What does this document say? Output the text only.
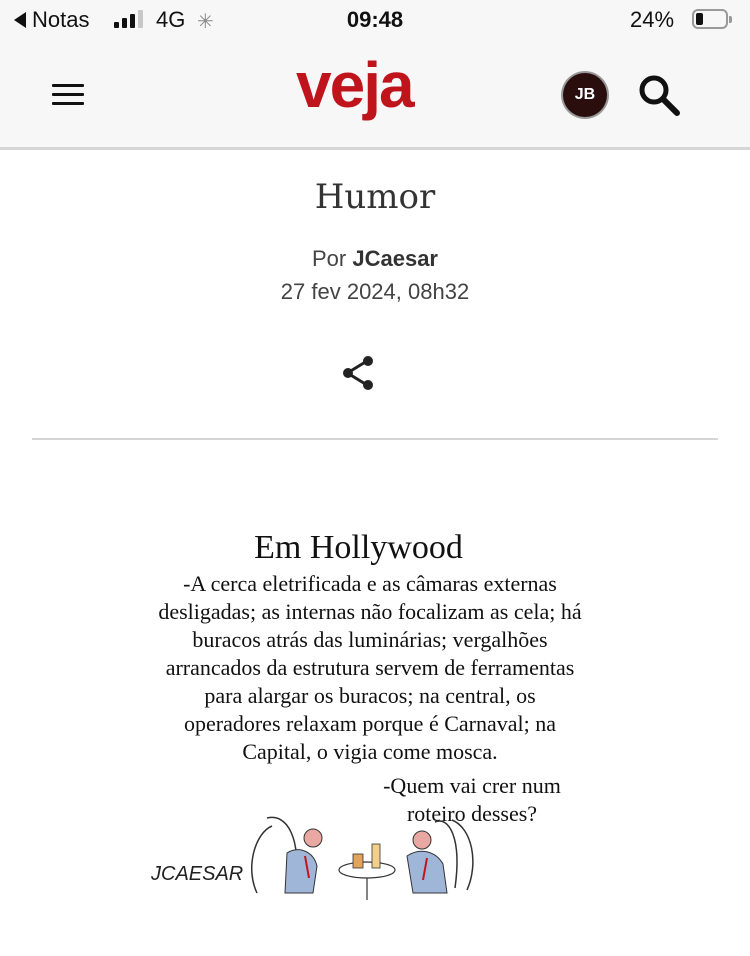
Notas	4G ✳	09:48	24%
veja	JB
Humor
Por JCaesar
27 fev 2024, 08h32
Em Hollywood
-A cerca eletrificada e as câmaras externas desligadas; as internas não focalizam as cela; há buracos atrás das luminárias; vergalhões arrancados da estrutura servem de ferramentas para alargar os buracos; na central, os operadores relaxam porque é Carnaval; na Capital, o vigia come mosca.
-Quem vai crer num roteiro desses?
JCAESAR
